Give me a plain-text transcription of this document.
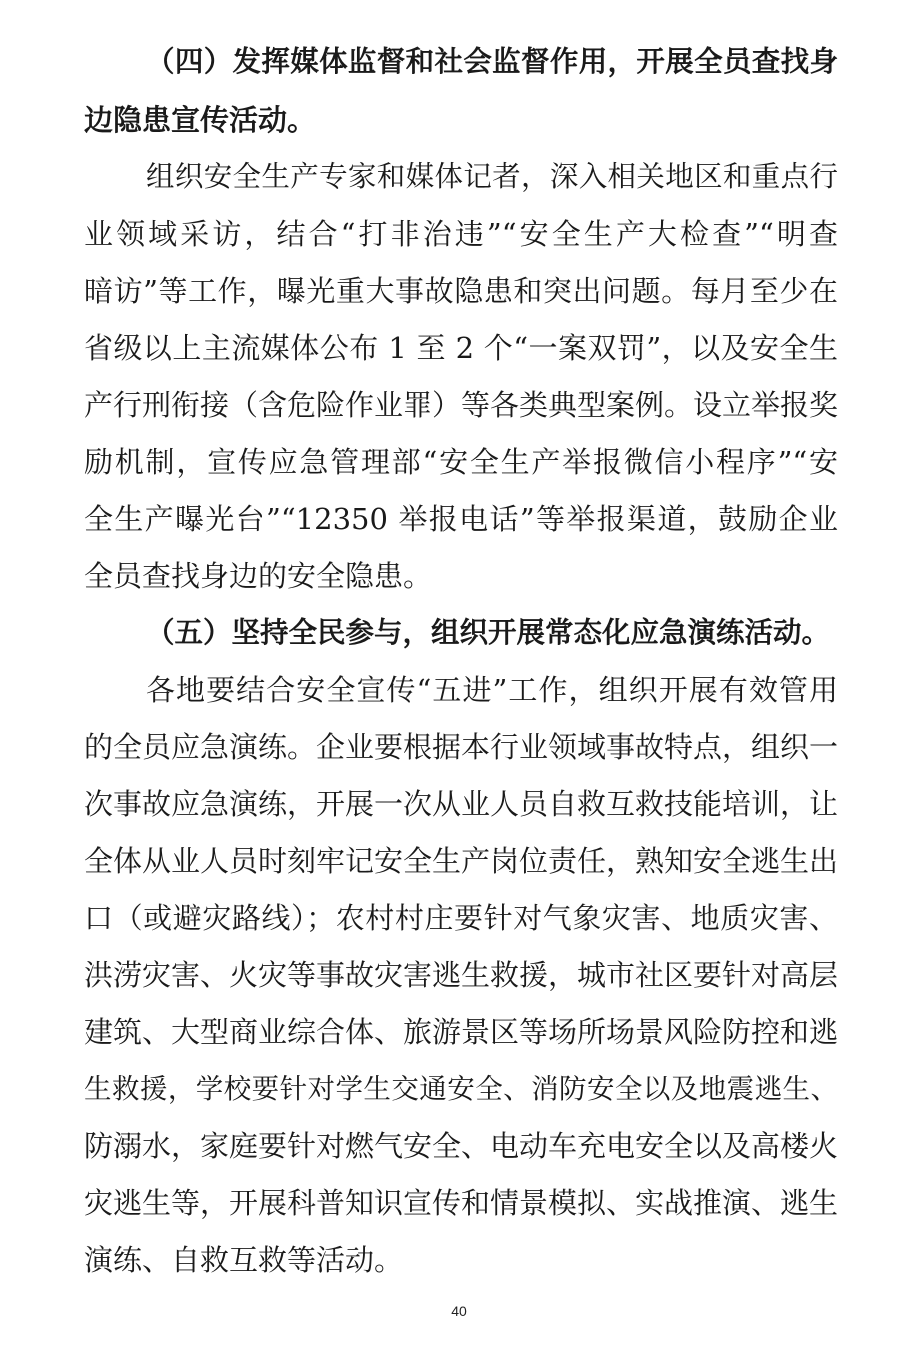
（四）发挥媒体监督和社会监督作用，开展全员查找身
边隐患宣传活动。
组织安全生产专家和媒体记者，深入相关地区和重点行
业领域采访，结合“打非治违”“安全生产大检查”“明查
暗访”等工作，曝光重大事故隐患和突出问题。每月至少在
省级以上主流媒体公布 1 至 2 个“一案双罚”，以及安全生
产行刑衔接（含危险作业罪）等各类典型案例。设立举报奖
励机制，宣传应急管理部“安全生产举报微信小程序”“安
全生产曝光台”“12350 举报电话”等举报渠道，鼓励企业
全员查找身边的安全隐患。
（五）坚持全民参与，组织开展常态化应急演练活动。
各地要结合安全宣传“五进”工作，组织开展有效管用
的全员应急演练。企业要根据本行业领域事故特点，组织一
次事故应急演练，开展一次从业人员自救互救技能培训，让
全体从业人员时刻牢记安全生产岗位责任，熟知安全逃生出
口（或避灾路线）；农村村庄要针对气象灾害、地质灾害、
洪涝灾害、火灾等事故灾害逃生救援，城市社区要针对高层
建筑、大型商业综合体、旅游景区等场所场景风险防控和逃
生救援，学校要针对学生交通安全、消防安全以及地震逃生、
防溺水，家庭要针对燃气安全、电动车充电安全以及高楼火
灾逃生等，开展科普知识宣传和情景模拟、实战推演、逃生
演练、自救互救等活动。
40
